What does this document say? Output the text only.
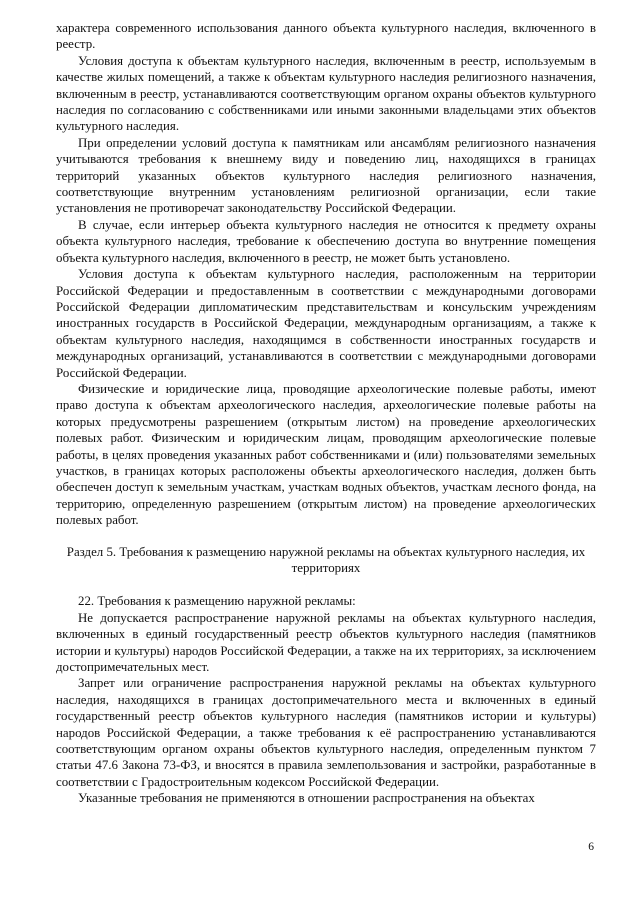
характера современного использования данного объекта культурного наследия, включенного в реестр.

Условия доступа к объектам культурного наследия, включенным в реестр, используемым в качестве жилых помещений, а также к объектам культурного наследия религиозного назначения, включенным в реестр, устанавливаются соответствующим органом охраны объектов культурного наследия по согласованию с собственниками или иными законными владельцами этих объектов культурного наследия.

При определении условий доступа к памятникам или ансамблям религиозного назначения учитываются требования к внешнему виду и поведению лиц, находящихся в границах территорий указанных объектов культурного наследия религиозного назначения, соответствующие внутренним установлениям религиозной организации, если такие установления не противоречат законодательству Российской Федерации.

В случае, если интерьер объекта культурного наследия не относится к предмету охраны объекта культурного наследия, требование к обеспечению доступа во внутренние помещения объекта культурного наследия, включенного в реестр, не может быть установлено.

Условия доступа к объектам культурного наследия, расположенным на территории Российской Федерации и предоставленным в соответствии с международными договорами Российской Федерации дипломатическим представительствам и консульским учреждениям иностранных государств в Российской Федерации, международным организациям, а также к объектам культурного наследия, находящимся в собственности иностранных государств и международных организаций, устанавливаются в соответствии с международными договорами Российской Федерации.

Физические и юридические лица, проводящие археологические полевые работы, имеют право доступа к объектам археологического наследия, археологические полевые работы на которых предусмотрены разрешением (открытым листом) на проведение археологических полевых работ. Физическим и юридическим лицам, проводящим археологические полевые работы, в целях проведения указанных работ собственниками и (или) пользователями земельных участков, в границах которых расположены объекты археологического наследия, должен быть обеспечен доступ к земельным участкам, участкам водных объектов, участкам лесного фонда, на территорию, определенную разрешением (открытым листом) на проведение археологических полевых работ.

Раздел 5. Требования к размещению наружной рекламы на объектах культурного наследия, их территориях

22. Требования к размещению наружной рекламы:

Не допускается распространение наружной рекламы на объектах культурного наследия, включенных в единый государственный реестр объектов культурного наследия (памятников истории и культуры) народов Российской Федерации, а также на их территориях, за исключением достопримечательных мест.

Запрет или ограничение распространения наружной рекламы на объектах культурного наследия, находящихся в границах достопримечательного места и включенных в единый государственный реестр объектов культурного наследия (памятников истории и культуры) народов Российской Федерации, а также требования к её распространению устанавливаются соответствующим органом охраны объектов культурного наследия, определенным пунктом 7 статьи 47.6 Закона 73-ФЗ, и вносятся в правила землепользования и застройки, разработанные в соответствии с Градостроительным кодексом Российской Федерации.

Указанные требования не применяются в отношении распространения на объектах

6
